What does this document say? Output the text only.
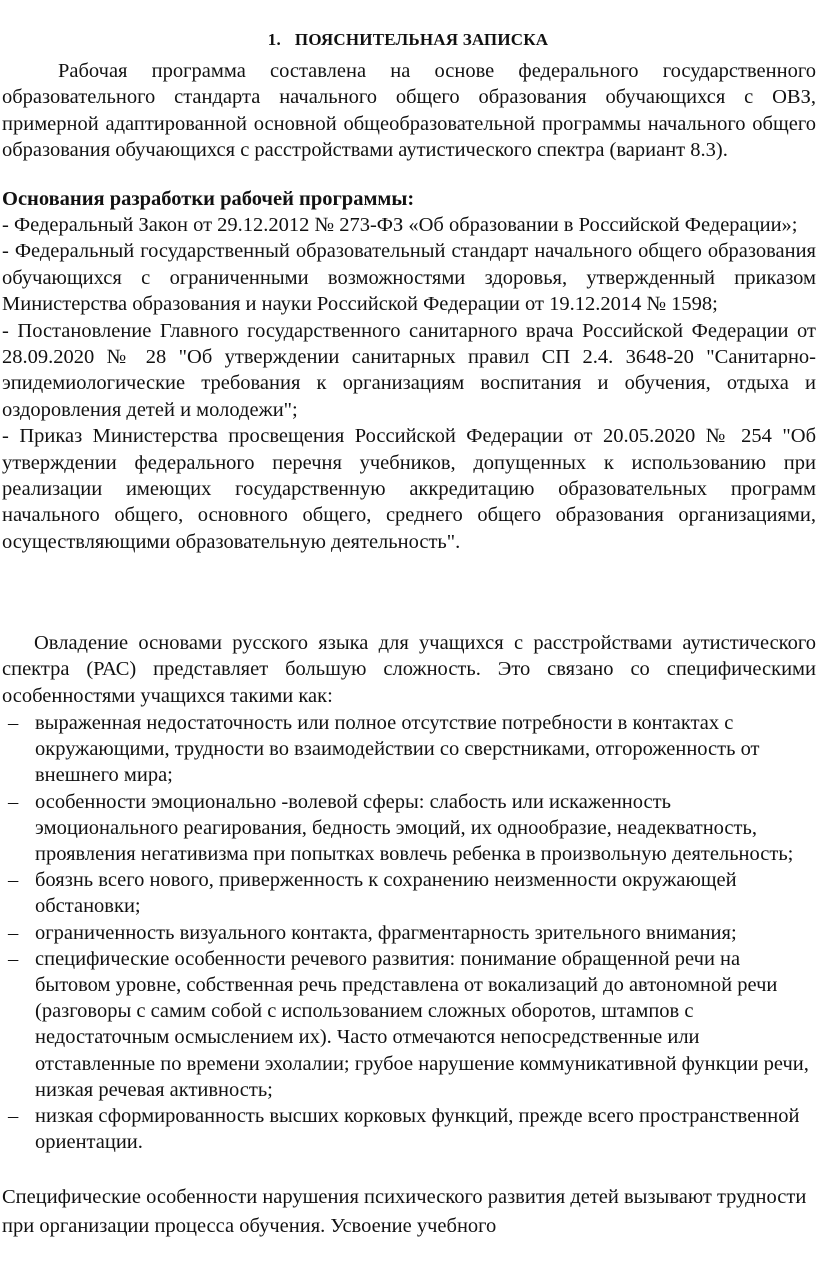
1. ПОЯСНИТЕЛЬНАЯ ЗАПИСКА

Рабочая программа составлена на основе федерального государственного образовательного стандарта начального общего образования обучающихся с ОВЗ, примерной адаптированной основной общеобразовательной программы начального общего образования обучающихся с расстройствами аутистического спектра (вариант 8.3).

Основания разработки рабочей программы:

- Федеральный Закон от 29.12.2012 № 273-ФЗ «Об образовании в Российской Федерации»;
- Федеральный государственный образовательный стандарт начального общего образования обучающихся с ограниченными возможностями здоровья, утвержденный приказом Министерства образования и науки Российской Федерации от 19.12.2014 № 1598;
- Постановление Главного государственного санитарного врача Российской Федерации от 28.09.2020 № 28 "Об утверждении санитарных правил СП 2.4. 3648-20 "Санитарно-эпидемиологические требования к организациям воспитания и обучения, отдыха и оздоровления детей и молодежи";
- Приказ Министерства просвещения Российской Федерации от 20.05.2020 № 254 "Об утверждении федерального перечня учебников, допущенных к использованию при реализации имеющих государственную аккредитацию образовательных программ начального общего, основного общего, среднего общего образования организациями, осуществляющими образовательную деятельность".

Овладение основами русского языка для учащихся с расстройствами аутистического спектра (РАС) представляет большую сложность. Это связано со специфическими особенностями учащихся такими как:

– выраженная недостаточность или полное отсутствие потребности в контактах с окружающими, трудности во взаимодействии со сверстниками, отгороженность от внешнего мира;
– особенности эмоционально -волевой сферы: слабость или искаженность эмоционального реагирования, бедность эмоций, их однообразие, неадекватность, проявления негативизма при попытках вовлечь ребенка в произвольную деятельность;
– боязнь всего нового, приверженность к сохранению неизменности окружающей обстановки;
– ограниченность визуального контакта, фрагментарность зрительного внимания;
– специфические особенности речевого развития: понимание обращенной речи на бытовом уровне, собственная речь представлена от вокализаций до автономной речи (разговоры с самим собой с использованием сложных оборотов, штампов с недостаточным осмыслением их). Часто отмечаются непосредственные или отставленные по времени эхолалии; грубое нарушение коммуникативной функции речи, низкая речевая активность;
– низкая сформированность высших корковых функций, прежде всего пространственной ориентации.

Специфические особенности нарушения психического развития детей вызывают трудности при организации процесса обучения. Усвоение учебного
